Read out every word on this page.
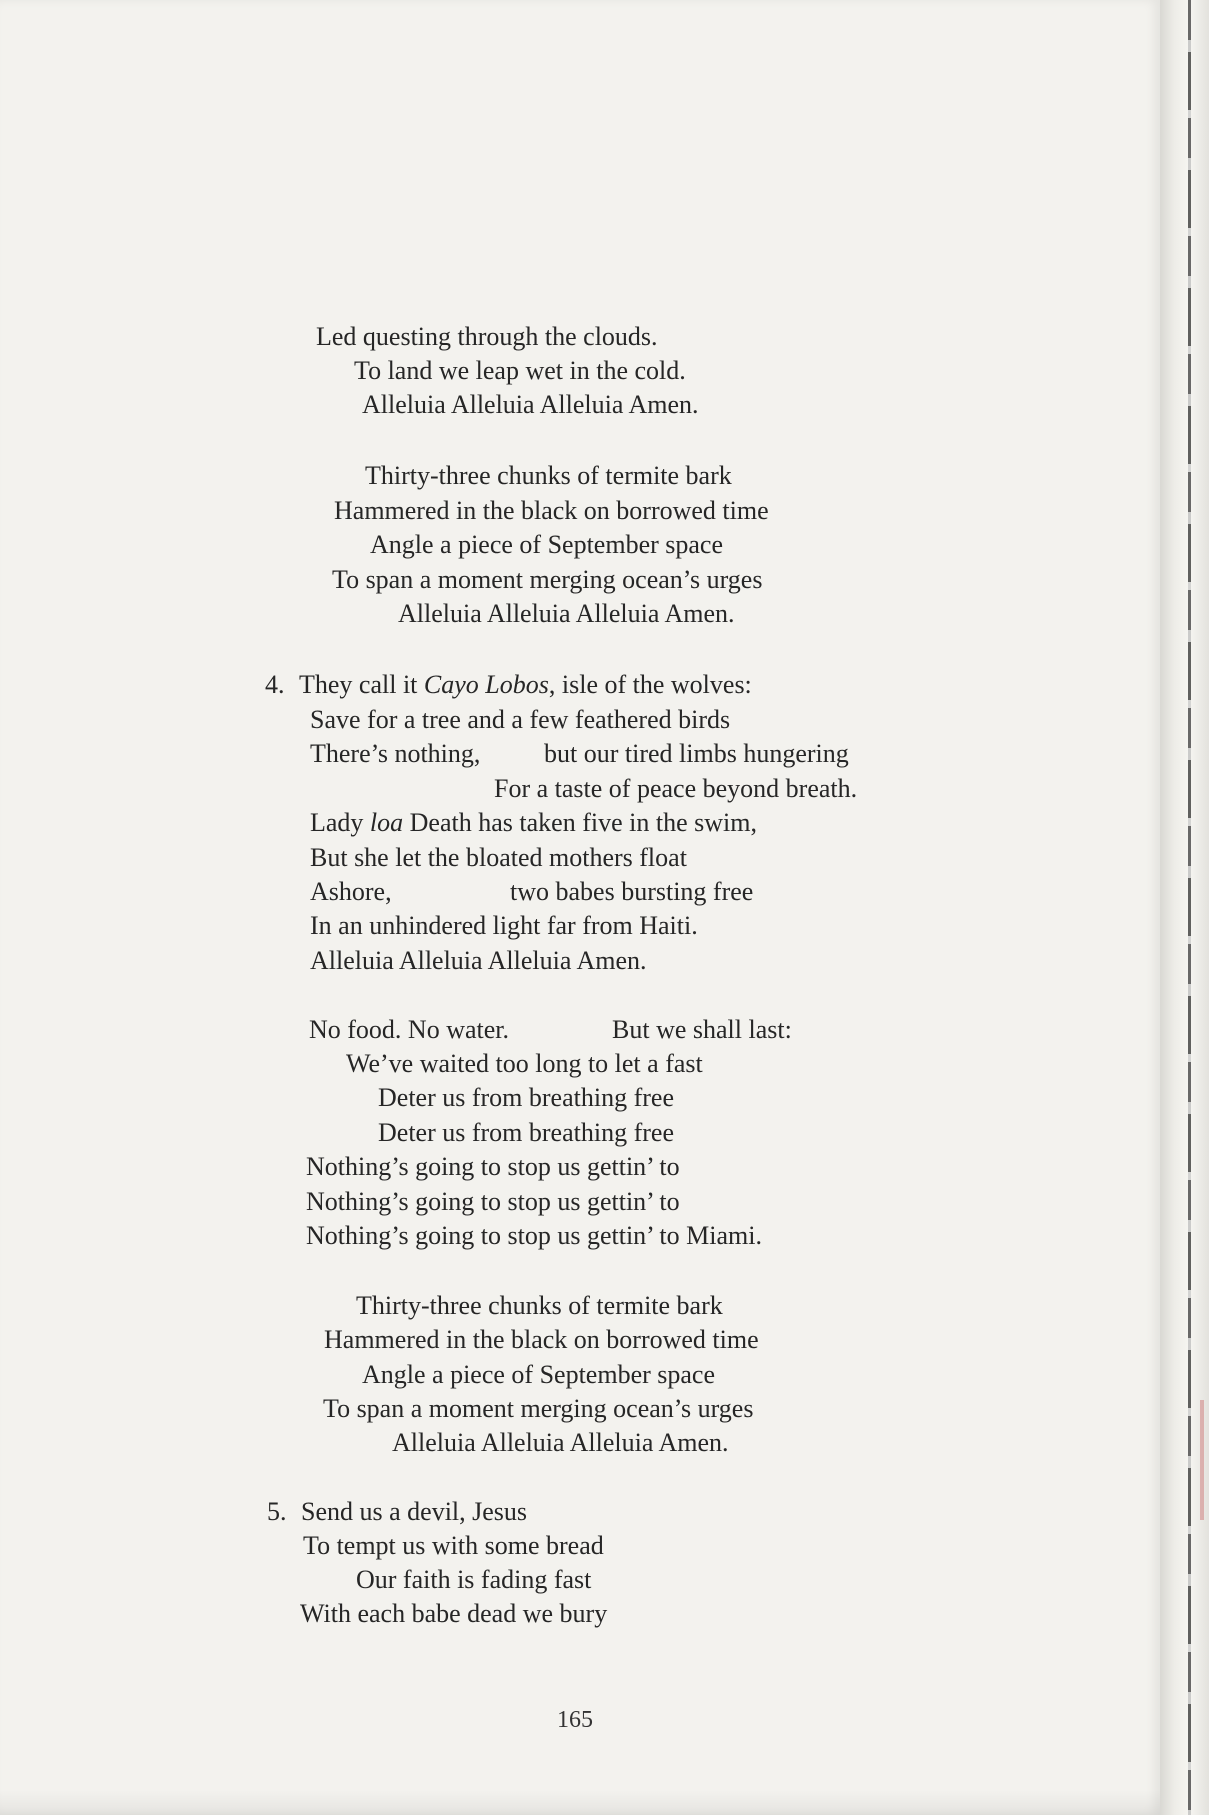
Led questing through the clouds.
To land we leap wet in the cold.
Alleluia Alleluia Alleluia Amen.
Thirty-three chunks of termite bark
Hammered in the black on borrowed time
Angle a piece of September space
To span a moment merging ocean’s urges
Alleluia Alleluia Alleluia Amen.
4. They call it Cayo Lobos, isle of the wolves:
Save for a tree and a few feathered birds
There’s nothing, but our tired limbs hungering
For a taste of peace beyond breath.
Lady loa Death has taken five in the swim,
But she let the bloated mothers float
Ashore,	two babes bursting free
In an unhindered light far from Haiti.
Alleluia Alleluia Alleluia Amen.
No food. No water.	But we shall last:
We’ve waited too long to let a fast
Deter us from breathing free
Deter us from breathing free
Nothing’s going to stop us gettin’ to
Nothing’s going to stop us gettin’ to
Nothing’s going to stop us gettin’ to Miami.
Thirty-three chunks of termite bark
Hammered in the black on borrowed time
Angle a piece of September space
To span a moment merging ocean’s urges
Alleluia Alleluia Alleluia Amen.
5. Send us a devil, Jesus
To tempt us with some bread
Our faith is fading fast
With each babe dead we bury
165
